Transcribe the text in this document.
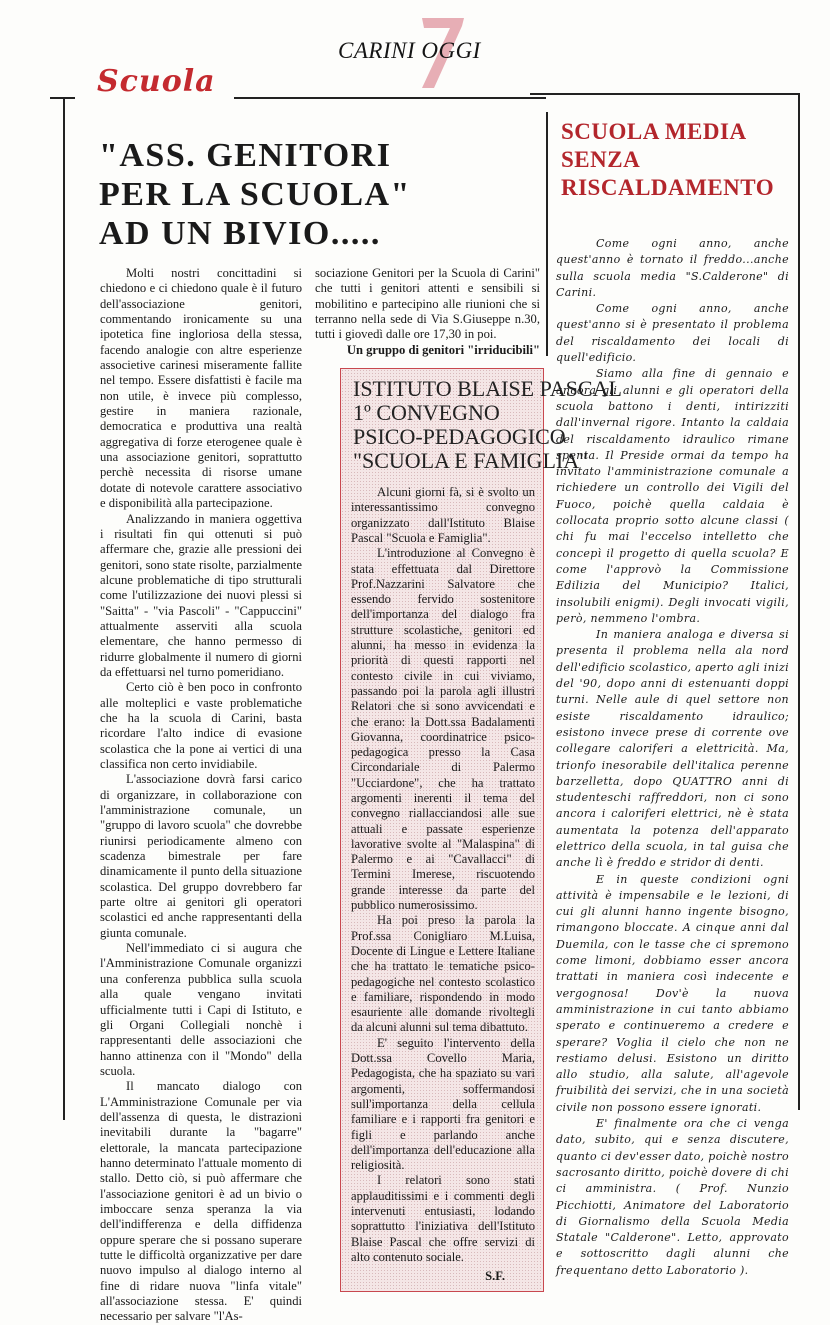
CARINI OGGI
Scuola
"ASS. GENITORI
PER LA SCUOLA"
AD UN BIVIO.....

Molti nostri concittadini si chiedono e ci chiedono quale è il futuro dell'associazione genitori, commentando ironicamente su una ipotetica fine ingloriosa della stessa, facendo analogie con altre esperienze associetive carinesi miseramente fallite nel tempo. Essere disfattisti è facile ma non utile, è invece più complesso, gestire in maniera razionale, democratica e produttiva una realtà aggregativa di forze eterogenee quale è una associazione genitori, soprattutto perchè necessita di risorse umane dotate di notevole carattere associativo e disponibilità alla partecipazione.

Analizzando in maniera oggettiva i risultati fin qui ottenuti si può affermare che, grazie alle pressioni dei genitori, sono state risolte, parzialmente alcune problematiche di tipo strutturali come l'utilizzazione dei nuovi plessi si "Saitta" - "via Pascoli" - "Cappuccini" attualmente asserviti alla scuola elementare, che hanno permesso di ridurre globalmente il numero di giorni da effettuarsi nel turno pomeridiano.

Certo ciò è ben poco in confronto alle molteplici e vaste problematiche che ha la scuola di Carini, basta ricordare l'alto indice di evasione scolastica che la pone ai vertici di una classifica non certo invidiabile.

L'associazione dovrà farsi carico di organizzare, in collaborazione con l'amministrazione comunale, un "gruppo di lavoro scuola" che dovrebbe riunirsi periodicamente almeno con scadenza bimestrale per fare dinamicamente il punto della situazione scolastica. Del gruppo dovrebbero far parte oltre ai genitori gli operatori scolastici ed anche rappresentanti della giunta comunale.

Nell'immediato ci si augura che l'Amministrazione Comunale organizzi una conferenza pubblica sulla scuola alla quale vengano invitati ufficialmente tutti i Capi di Istituto, e gli Organi Collegiali nonchè i rappresentanti delle associazioni che hanno attinenza con il "Mondo" della scuola.

Il mancato dialogo con L'Amministrazione Comunale per via dell'assenza di questa, le distrazioni inevitabili durante la "bagarre" elettorale, la mancata partecipazione hanno determinato l'attuale momento di stallo. Detto ciò, si può affermare che l'associazione genitori è ad un bivio o imboccare senza speranza la via dell'indifferenza e della diffidenza oppure sperare che si possano superare tutte le difficoltà organizzative per dare nuovo impulso al dialogo interno al fine di ridare nuova "linfa vitale" all'associazione stessa. E' quindi necessario per salvare "l'As-

sociazione Genitori per la Scuola di Carini" che tutti i genitori attenti e sensibili si mobilitino e partecipino alle riunioni che si terranno nella sede di Via S.Giuseppe n.30, tutti i giovedì dalle ore 17,30 in poi.

Un gruppo di genitori "irriducibili"

ISTITUTO BLAISE PASCAL
1º CONVEGNO
PSICO-PEDAGOGICO
"SCUOLA E FAMIGLIA"

Alcuni giorni fà, si è svolto un interessantissimo convegno organizzato dall'Istituto Blaise Pascal "Scuola e Famiglia".

L'introduzione al Convegno è stata effettuata dal Direttore Prof.Nazzarini Salvatore che essendo fervido sostenitore dell'importanza del dialogo fra strutture scolastiche, genitori ed alunni, ha messo in evidenza la priorità di questi rapporti nel contesto civile in cui viviamo, passando poi la parola agli illustri Relatori che si sono avvicendati e che erano: la Dott.ssa Badalamenti Giovanna, coordinatrice psico-pedagogica presso la Casa Circondariale di Palermo "Ucciardone", che ha trattato argomenti inerenti il tema del convegno riallacciandosi alle sue attuali e passate esperienze lavorative svolte al "Malaspina" di Palermo e ai "Cavallacci" di Termini Imerese, riscuotendo grande interesse da parte del pubblico numerosissimo.

Ha poi preso la parola la Prof.ssa Conigliaro M.Luisa, Docente di Lingue e Lettere Italiane che ha trattato le tematiche psico-pedagogiche nel contesto scolastico e familiare, rispondendo in modo esauriente alle domande rivoltegli da alcuni alunni sul tema dibattuto.

E' seguito l'intervento della Dott.ssa Covello Maria, Pedagogista, che ha spaziato su vari argomenti, soffermandosi sull'importanza della cellula familiare e i rapporti fra genitori e figli e parlando anche dell'importanza dell'educazione alla religiosità.

I relatori sono stati applauditissimi e i commenti degli intervenuti entusiasti, lodando soprattutto l'iniziativa dell'Istituto Blaise Pascal che offre servizi di alto contenuto sociale.

S.F.

SCUOLA MEDIA
SENZA
RISCALDAMENTO

Come ogni anno, anche quest'anno è tornato il freddo...anche sulla scuola media "S.Calderone" di Carini.

Come ogni anno, anche quest'anno si è presentato il problema del riscaldamento dei locali di quell'edificio.

Siamo alla fine di gennaio e ancora gli alunni e gli operatori della scuola battono i denti, intirizziti dall'invernal rigore. Intanto la caldaia del riscaldamento idraulico rimane spenta. Il Preside ormai da tempo ha invitato l'amministrazione comunale a richiedere un controllo dei Vigili del Fuoco, poichè quella caldaia è collocata proprio sotto alcune classi ( chi fu mai l'eccelso intelletto che concepì il progetto di quella scuola? E come l'approvò la Commissione Edilizia del Municipio? Italici, insolubili enigmi). Degli invocati vigili, però, nemmeno l'ombra.

In maniera analoga e diversa si presenta il problema nella ala nord dell'edificio scolastico, aperto agli inizi del '90, dopo anni di estenuanti doppi turni. Nelle aule di quel settore non esiste riscaldamento idraulico; esistono invece prese di corrente ove collegare caloriferi a elettricità. Ma, trionfo inesorabile dell'italica perenne barzelletta, dopo QUATTRO anni di studenteschi raffreddori, non ci sono ancora i caloriferi elettrici, nè è stata aumentata la potenza dell'apparato elettrico della scuola, in tal guisa che anche lì è freddo e stridor di denti.

E in queste condizioni ogni attività è impensabile e le lezioni, di cui gli alunni hanno ingente bisogno, rimangono bloccate. A cinque anni dal Duemila, con le tasse che ci spremono come limoni, dobbiamo esser ancora trattati in maniera così indecente e vergognosa! Dov'è la nuova amministrazione in cui tanto abbiamo sperato e continueremo a credere e sperare? Voglia il cielo che non ne restiamo delusi. Esistono un diritto allo studio, alla salute, all'agevole fruibilità dei servizi, che in una società civile non possono essere ignorati.

E' finalmente ora che ci venga dato, subito, qui e senza discutere, quanto ci dev'esser dato, poichè nostro sacrosanto diritto, poichè dovere di chi ci amministra. ( Prof. Nunzio Picchiotti, Animatore del Laboratorio di Giornalismo della Scuola Media Statale "Calderone". Letto, approvato e sottoscritto dagli alunni che frequentano detto Laboratorio ).
